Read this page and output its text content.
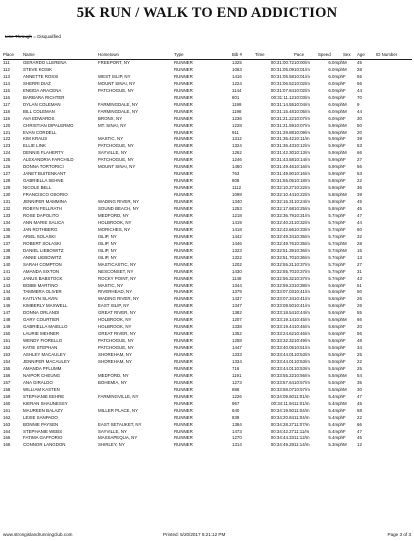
5K RUN / WALK TO END ADDICTION
Line Through = Disqualified
Place	Name	Hometown	Type	Bib #	Time	Pace	Speed	Sex	Age	ID Number
111	GERARDO LLERENA	FREEPORT, NY	RUNNER	1325	00:31:00.72	10:00/m	6.0mph	M	45	
112	STEVE KOSIK		RUNNER	1063	00:31:05.09	10:01/m	6.0mph	M	28	
113	ANNETTE ROSSI	WEST ISLIP, NY	RUNNER	1416	00:31:05.58	10:01/m	6.0mph	F	55	
114	SHERRI DIAZ	MOUNT SINAI, NY	RUNNER	1224	00:31:06.52	10:02/m	6.0mph	F	56	
115	ENEIDA ARACENA	PATCHOGUE, NY	RUNNER	1144	00:31:07.84	10:02/m	6.0mph	F	44	
116	BARBARA RICHTER		RUNNER	801	00:31:11.12	10:03/m	6.0mph	F	70	
117	DYLAN COLEMAN	FARMINGDALE, NY	RUNNER	1199	00:31:14.55	10:04/m	6.0mph	M	9	
118	BILL COLEMAN	FARMINGDALE, NY	RUNNER	1198	00:31:15.48	10:05/m	6.0mph	M	44	
119	AVA EDWARDS	BRONX, NY	RUNNER	1236	00:31:21.22	10:07/m	6.0mph	F	30	
120	CHRISTIAN DIPALERMO	MT. SINAI, NY	RUNNER	1228	00:31:21.59	10:07/m	5.9mph	M	50	
121	EVAN CORDELL		RUNNER	911	00:31:29.88	10:09/m	5.9mph	M	20	
122	KIM KRAUS	MASTIC, NY	RUNNER	1312	00:31:35.42	10:11/m	5.9mph	F	39	
123	ELLIE LINK	PATCHOGUE, NY	RUNNER	1324	00:31:36.43	10:12/m	5.9mph	F	53	
124	DENNIS FLAHERTY	SAYVILLE, NY	RUNNER	1262	00:31:42.30	10:13/m	5.9mph	M	66	
125	ALEXANDRIA FARCHILD	PATCHOGUE, NY	RUNNER	1246	00:31:43.58	10:14/m	5.9mph	F	27	
126	DONNA TORTORICI	MOUNT SINAI, NY	RUNNER	1460	00:31:49.46	10:16/m	5.9mph	F	56	
127	JANET BUITENKANT		RUNNER	763	00:31:49.90	10:16/m	5.9mph	F	53	
128	GABRIELLA SEHNE		RUNNER	808	00:31:55.05	10:18/m	5.8mph	F	22	
129	NICOLE BELL		RUNNER	1112	00:32:10.27	10:22/m	5.8mph	F	36	
130	FRANCISCO OSORIO		RUNNER	1098	00:32:10.44	10:22/m	5.8mph	M	39	
131	JENNIFER MAMMINA	WADING RIVER, NY	RUNNER	1340	00:32:15.31	10:24/m	5.8mph	F	45	
132	ROBYN FELLRATH	SOUND BEACH, NY	RUNNER	1253	00:32:17.68	10:25/m	5.8mph	F	45	
133	ROSE DAPOLITO	MEDFORD, NY	RUNNER	1218	00:32:36.79	10:31/m	5.7mph	F	47	
134	ANN MARIE SALICA	HOLBROOK, NY	RUNNER	1419	00:32:40.21	10:32/m	5.7mph	F	44	
135	JAN ROTHBERG	MORICHES, NY	RUNNER	1418	00:32:42.66	10:33/m	5.7mph	F	60	
136	ARIEL SOLASKI	ISLIP, NY	RUNNER	1442	00:32:49.34	10:35/m	5.7mph	F	32	
137	ROBERT SOLASKI	ISLIP, NY	RUNNER	1446	00:32:49.76	10:35/m	5.7mph	M	28	
138	DANIEL LIEBOWITZ	ISLIP, NY	RUNNER	1323	00:32:51.39	10:36/m	5.7mph	M	15	
139	ANNIE LIEBOWITZ	ISLIP, NY	RUNNER	1322	00:32:51.70	10:36/m	5.7mph	F	13	
140	SARAH COMPTON	MASTICASTIC, NY	RUNNER	1202	00:32:55.21	10:37/m	5.7mph	F	27	
141	AMANDA SIXTON	NESCONSET, NY	RUNNER	1430	00:32:55.70	10:37/m	5.7mph	F	31	
142	JANUS BABSTOCK	ROCKY POINT, NY	RUNNER	1148	00:32:56.32	10:37/m	5.7mph	F	43	
143	BOBBI MARTINO	MASTIC, NY	RUNNER	1344	00:32:59.23	10:38/m	5.6mph	F	51	
144	TAMMERA OLIVER	RIVERHEAD, NY	RUNNER	1379	00:33:07.03	10:41/m	5.6mph	F	50	
145	KAITLYN SLAVIN	WADING RIVER, NY	RUNNER	1437	00:33:07.34	10:41/m	5.6mph	F	26	
146	KIMBERLY MAXWELL	EAST ISLIP, NY	RUNNER	1347	00:33:08.50	10:41/m	5.6mph	F	26	
147	DONNA ORLANDI	GREAT RIVER, NY	RUNNER	1382	00:33:18.54	10:44/m	5.6mph	F	55	
148	GARY COURTIER	HOLBROOK, NY	RUNNER	1207	00:33:19.14	10:45/m	5.6mph	M	66	
149	GABRIELLA MAIELLO	HOLBROOK, NY	RUNNER	1338	00:33:19.44	10:45/m	5.6mph	F	20	
150	LAURIE MEHNER	GREAT RIVER, NY	RUNNER	1352	00:33:24.62	10:46/m	5.6mph	F	56	
151	WENDY FIORELLO	PATCHOGUE, NY	RUNNER	1258	00:33:32.32	10:49/m	5.6mph	F	48	
152	KATIE STEPHAN	PATCHOGUE, NY	RUNNER	1447	00:33:40.05	10:51/m	5.5mph	F	34	
153	ASHLEY MACAULEY	SHOREHAM, NY	RUNNER	1333	00:33:44.01	10:53/m	5.5mph	F	25	
154	JENNIFER MACAULEY	SHOREHAM, NY	RUNNER	1334	00:33:44.01	10:53/m	5.5mph	F	22	
155	AMANDA PFLUMM		RUNNER	716	00:33:44.01	10:53/m	5.5mph	F	25	
156	NAIPOR CHEUNG	MEDFORD, NY	RUNNER	1191	00:33:55.22	10:56/m	5.5mph	M	54	
157	ANA GIRALDO	BOHEMIA, NY	RUNNER	1273	00:33:57.64	10:57/m	5.5mph	F	35	
158	WILLIAM KASTEN		RUNNER	886	00:33:58.07	10:57/m	5.5mph	M	30	
159	STEPHANIE EEHRE	FARMINGVILLE, NY	RUNNER	1226	00:34:09.60	11:01/m	5.4mph	F	47	
160	KIERAN SHAUNESSY		RUNNER	967	00:34:11.94	11:01/m	5.4mph	M	45	
161	MAUREEN BALAZY	MILLER PLACE, NY	RUNNER	640	00:34:19.50	11:04/m	5.4mph	F	58	
162	LEXIE SANPADO		RUNNER	839	00:34:20.84	11:04/m	5.4mph	F	22	
163	BONNIE PAYSEN	EAST SETAUKET, NY	RUNNER	1384	00:34:28.27	11:07/m	5.4mph	F	66	
164	STEPHANIE WEBS	SAYVILLE, NY	RUNNER	1473	00:34:42.27	11:11/m	5.4mph	F	47	
165	FATIMA GAFFORIO	MASSAPEQUA, NY	RUNNER	1270	00:34:44.33	11:12/m	5.4mph	F	45	
166	CONNOR LANGDON	SHIRLEY, NY	RUNNER	1314	00:34:49.28	11:14/m	5.3mph	M	12	
www.strongislandrunningclub.com	Printed: 5/20/2017 5:21:12 PM	Page 3 of 3
